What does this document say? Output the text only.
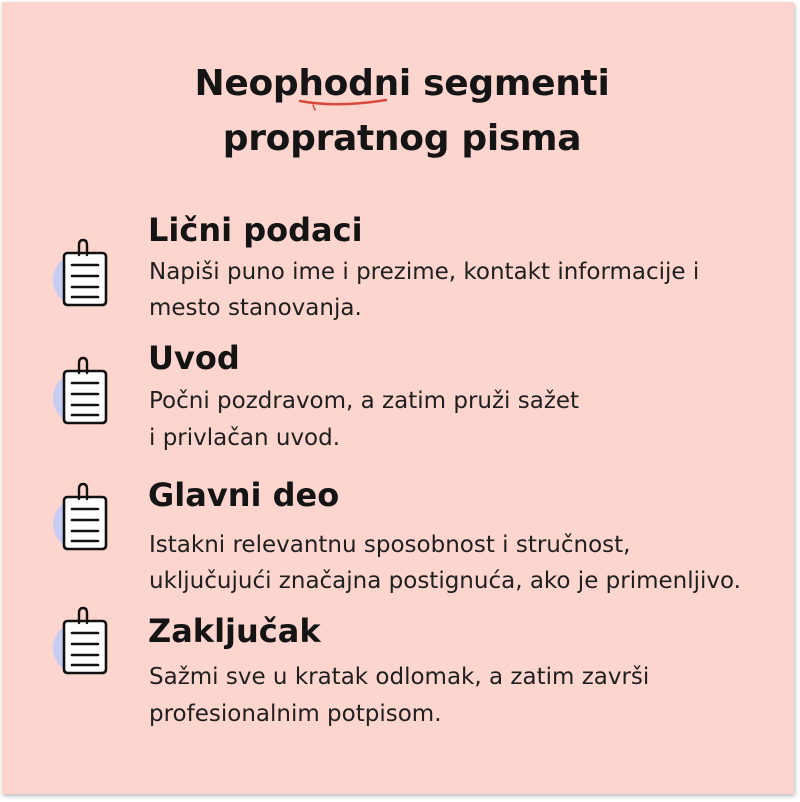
Neophodni segmenti
propratnog pisma
Lični podaci

Napiši puno ime i prezime, kontakt informacije i

mesto stanovanja.

Uvod

Počni pozdravom, a zatim pruži sažet

i privlačan uvod.

Glavni deo

Istakni relevantnu sposobnost i stručnost,

uključujući značajna postignuća, ako je primenljivo.

Zaključak

Sažmi sve u kratak odlomak, a zatim završi

profesionalnim potpisom.
